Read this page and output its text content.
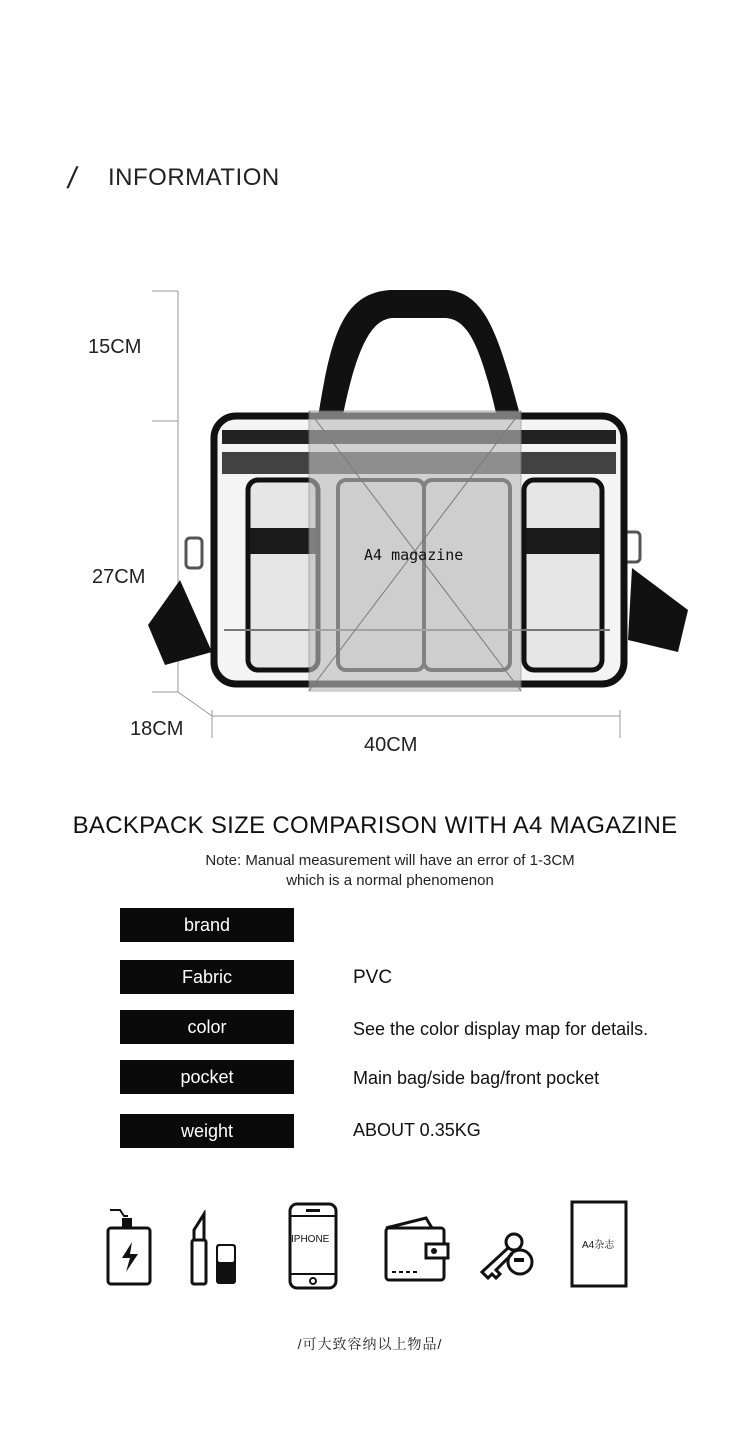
/ INFORMATION
A4 magazine
15CM
27CM
18CM
40CM
BACKPACK SIZE COMPARISON WITH A4 MAGAZINE
Note: Manual measurement will have an error of 1-3CM
which is a normal phenomenon
brand
Fabric	PVC
color	See the color display map for details.
pocket	Main bag/side bag/front pocket
weight	ABOUT 0.35KG
IPHONE
A4杂志
/可大致容纳以上物品/
